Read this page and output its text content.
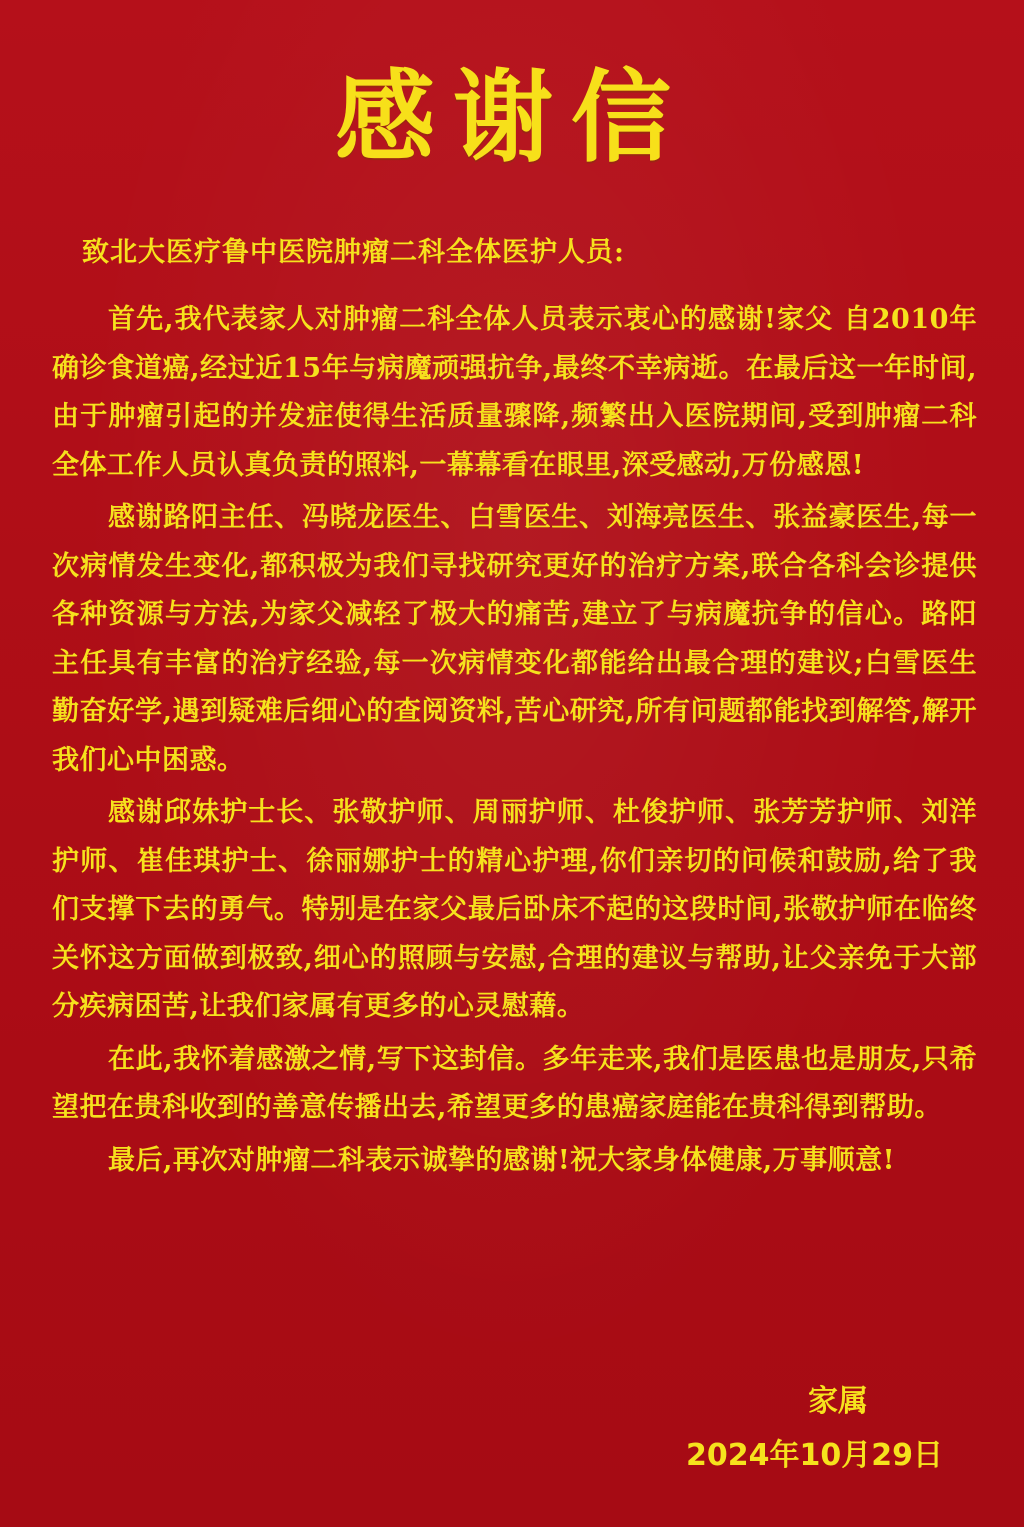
感谢信
致北大医疗鲁中医院肿瘤二科全体医护人员:

首先,我代表家人对肿瘤二科全体人员表示衷心的感谢!家父 自2010年确诊食道癌,经过近15年与病魔顽强抗争,最终不幸病逝。在最后这一年时间,由于肿瘤引起的并发症使得生活质量骤降,频繁出入医院期间,受到肿瘤二科全体工作人员认真负责的照料,一幕幕看在眼里,深受感动,万份感恩!

感谢路阳主任、冯晓龙医生、白雪医生、刘海亮医生、张益豪医生,每一次病情发生变化,都积极为我们寻找研究更好的治疗方案,联合各科会诊提供各种资源与方法,为家父减轻了极大的痛苦,建立了与病魔抗争的信心。路阳主任具有丰富的治疗经验,每一次病情变化都能给出最合理的建议;白雪医生勤奋好学,遇到疑难后细心的查阅资料,苦心研究,所有问题都能找到解答,解开我们心中困惑。

感谢邱妹护士长、张敬护师、周丽护师、杜俊护师、张芳芳护师、刘洋护师、崔佳琪护士、徐丽娜护士的精心护理,你们亲切的问候和鼓励,给了我们支撑下去的勇气。特别是在家父最后卧床不起的这段时间,张敬护师在临终关怀这方面做到极致,细心的照顾与安慰,合理的建议与帮助,让父亲免于大部分疾病困苦,让我们家属有更多的心灵慰藉。

在此,我怀着感激之情,写下这封信。多年走来,我们是医患也是朋友,只希望把在贵科收到的善意传播出去,希望更多的患癌家庭能在贵科得到帮助。

最后,再次对肿瘤二科表示诚挚的感谢!祝大家身体健康,万事顺意!

家属
2024年10月29日
